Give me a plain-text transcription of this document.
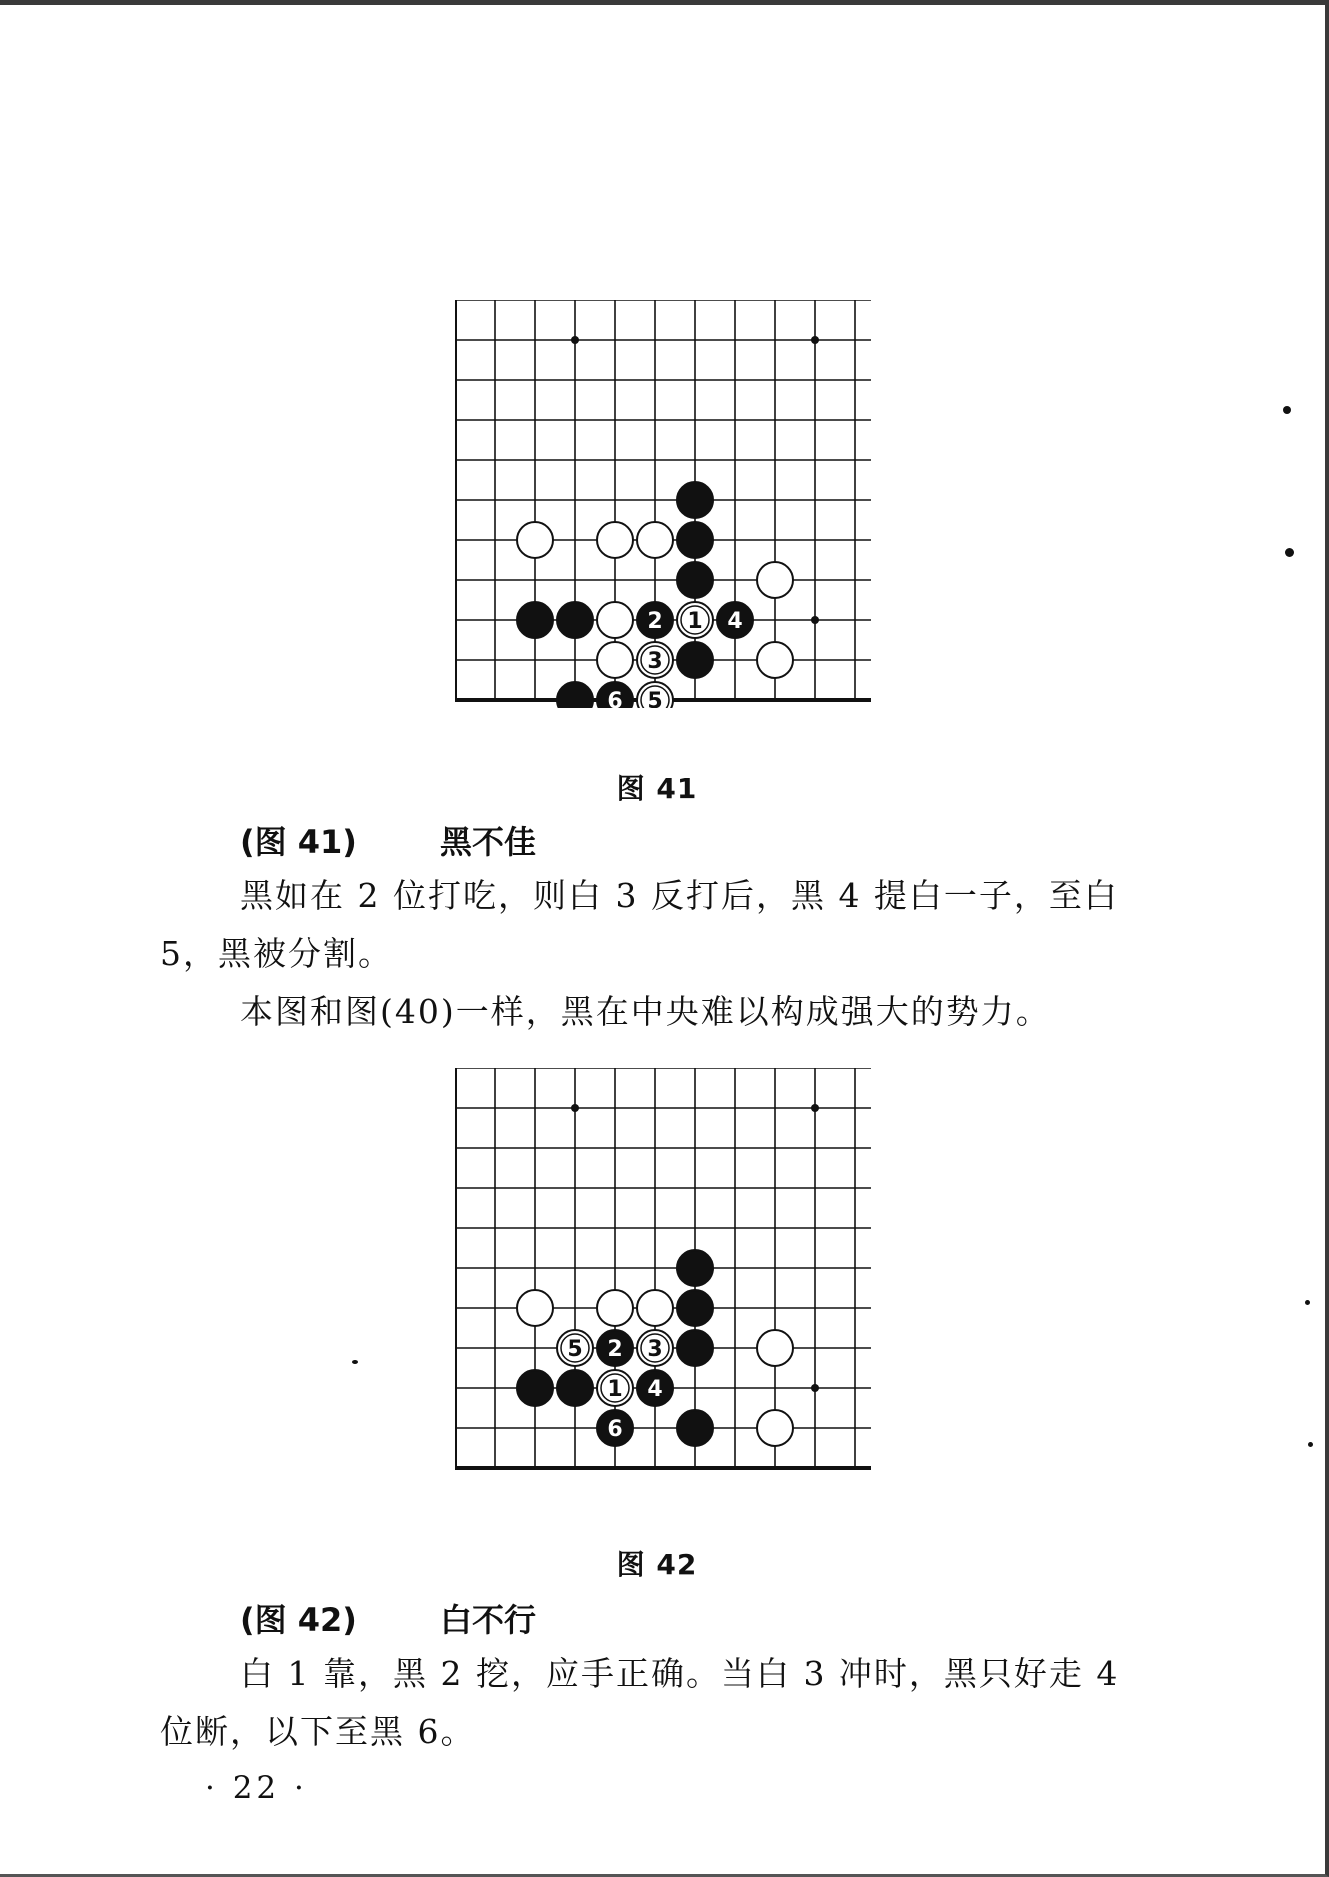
2 1 4
3
6 5
图 41
(图 41)	黑不佳

黑如在 2 位打吃，则白 3 反打后，黑 4 提白一子，至白 5，黑被分割。

本图和图(40)一样，黑在中央难以构成强大的势力。

5 2 3
1 4
6
图 42
(图 42)	白不行

白 1 靠，黑 2 挖，应手正确。当白 3 冲时，黑只好走 4 位断，以下至黑 6。

· 22 ·
